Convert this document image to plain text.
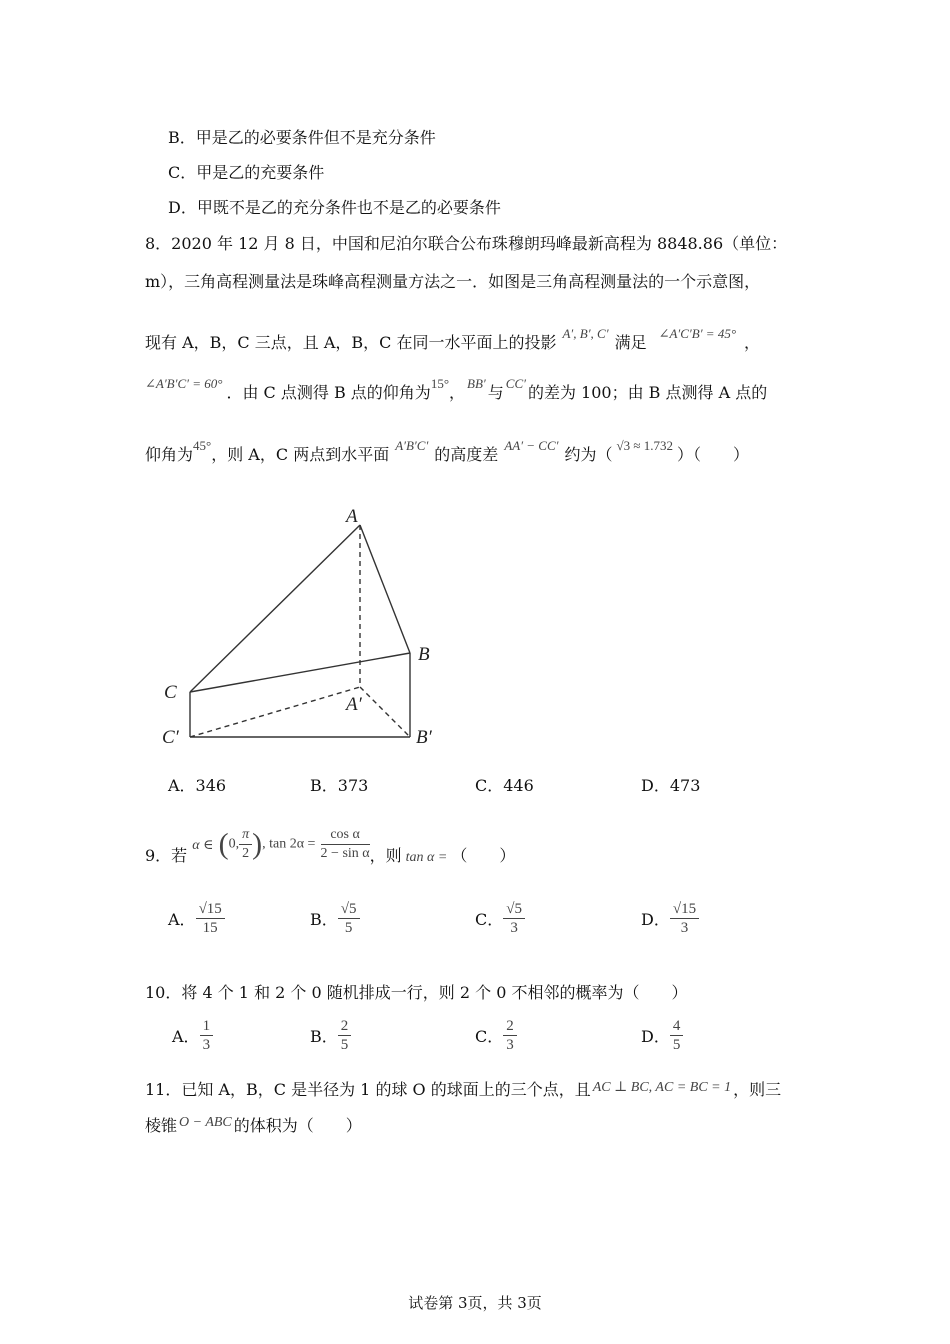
B．甲是乙的必要条件但不是充分条件
C．甲是乙的充要条件
D．甲既不是乙的充分条件也不是乙的必要条件
8．2020 年 12 月 8 日，中国和尼泊尔联合公布珠穆朗玛峰最新高程为 8848.86（单位：
m），三角高程测量法是珠峰高程测量方法之一．如图是三角高程测量法的一个示意图，
现有 A，B，C 三点，且 A，B，C 在同一水平面上的投影 $^{A', B', C'}$ 满足 $^{\angle A'C'B' = 45^\circ}$ ，
$^{\angle A'B'C' = 60^\circ}$ ．由 C 点测得 B 点的仰角为$^{15^\circ}$， $^{BB'}$ 与 $^{CC'}$ 的差为 100；由 B 点测得 A 点的
仰角为$^{45^\circ}$，则 A，C 两点到水平面 $^{A'B'C'}$ 的高度差 $^{AA' - CC'}$ 约为（ $^{√3 \approx 1.732}$ ）（　　）
A
B
C
A′
B′
C′
A．346	B．373	C．446	D．473
9．若 α ∈ (0, $\frac{\pi}{2}$ ), $\tan 2\alpha = \frac{\text{cos α}}{\text{2 − sin α}}$ ，则 tan α = （　　）
A． $\frac{√15}{15}$	B． $\frac{√5}{5}$	C． $\frac{√5}{3}$	D． $\frac{√15}{3}$
10．将 4 个 1 和 2 个 0 随机排成一行，则 2 个 0 不相邻的概率为（　　）
A． $\frac{1}{3}$	B． $\frac{2}{5}$	C． $\frac{2}{3}$	D． $\frac{4}{5}$
11．已知 A，B，C 是半径为 1 的球 O 的球面上的三个点，且 AC ⊥ BC, AC = BC = 1 ，则三
棱锥 O − ABC 的体积为（　　）
试卷第 3页，共 3页
